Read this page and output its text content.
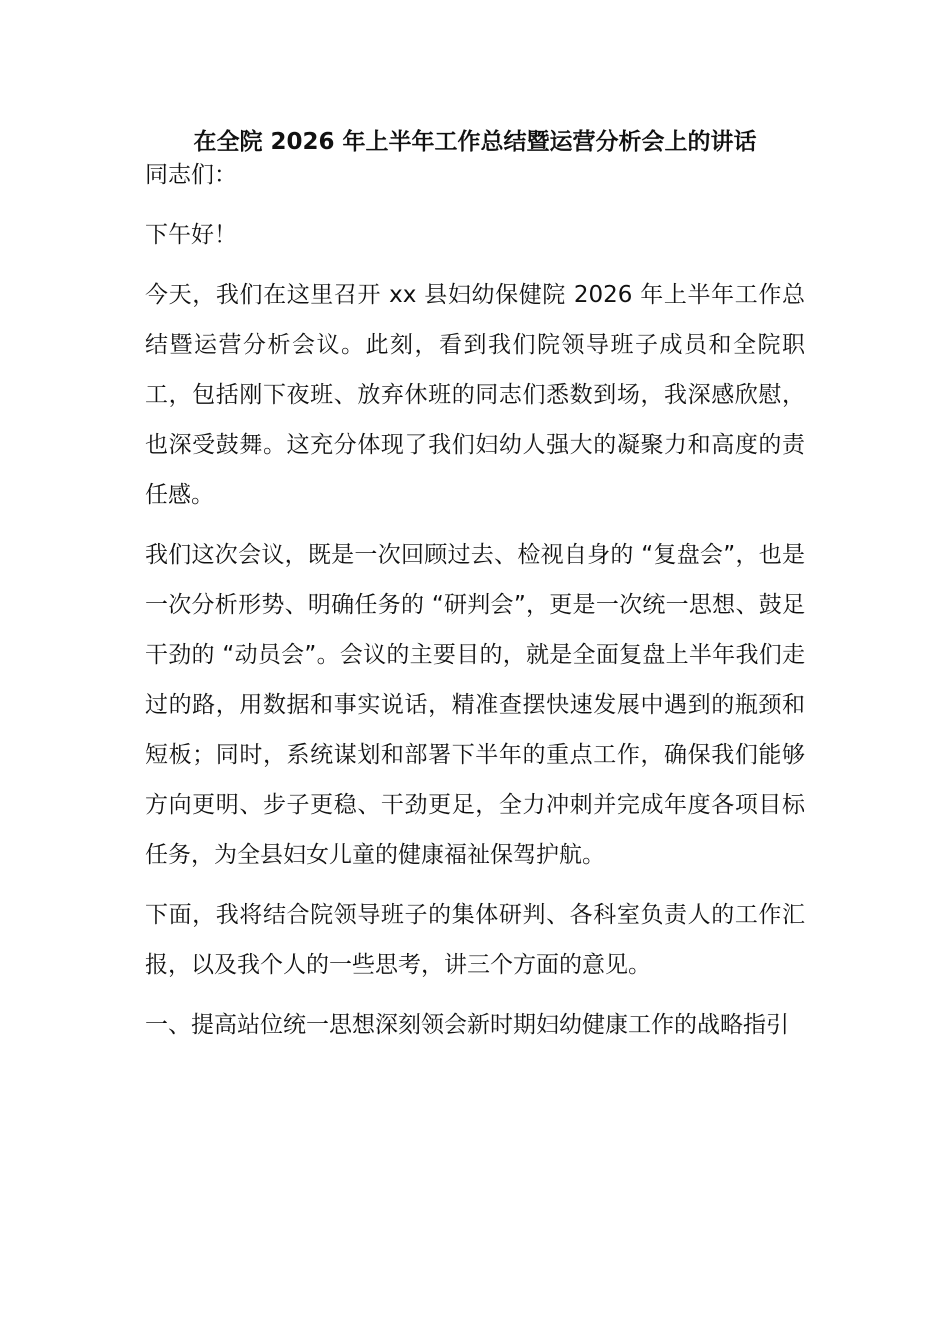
在全院 2026 年上半年工作总结暨运营分析会上的讲话

同志们：

下午好！

今天，我们在这里召开 xx 县妇幼保健院 2026 年上半年工作总结暨运营分析会议。此刻，看到我们院领导班子成员和全院职工，包括刚下夜班、放弃休班的同志们悉数到场，我深感欣慰，也深受鼓舞。这充分体现了我们妇幼人强大的凝聚力和高度的责任感。

我们这次会议，既是一次回顾过去、检视自身的 “复盘会”，也是一次分析形势、明确任务的 “研判会”，更是一次统一思想、鼓足干劲的 “动员会”。会议的主要目的，就是全面复盘上半年我们走过的路，用数据和事实说话，精准查摆快速发展中遇到的瓶颈和短板；同时，系统谋划和部署下半年的重点工作，确保我们能够方向更明、步子更稳、干劲更足，全力冲刺并完成年度各项目标任务，为全县妇女儿童的健康福祉保驾护航。

下面，我将结合院领导班子的集体研判、各科室负责人的工作汇报，以及我个人的一些思考，讲三个方面的意见。

一、提高站位统一思想深刻领会新时期妇幼健康工作的战略指引
